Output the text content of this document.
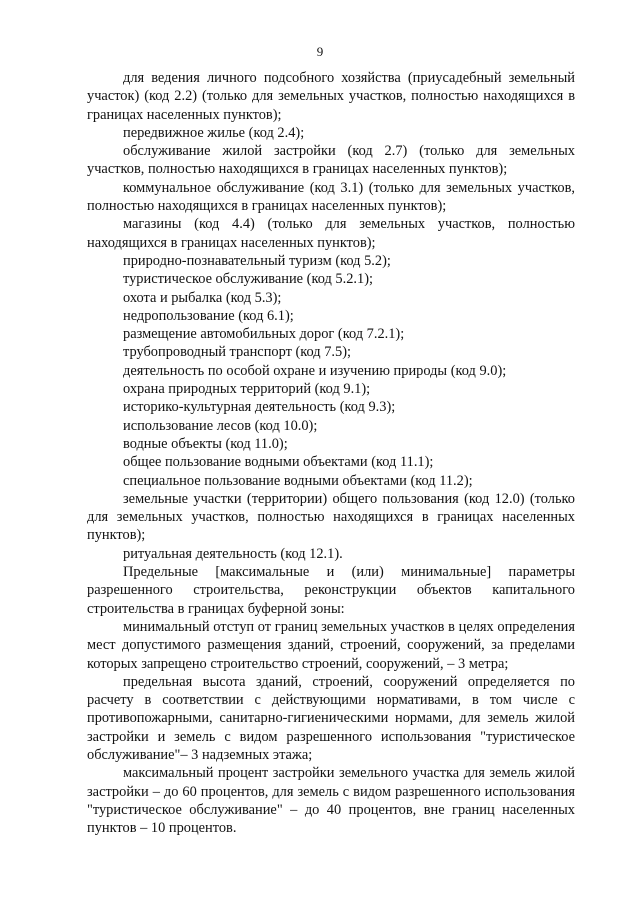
9

для ведения личного подсобного хозяйства (приусадебный земельный участок) (код 2.2) (только для земельных участков, полностью находящихся в границах населенных пунктов);

передвижное жилье (код 2.4);

обслуживание жилой застройки (код 2.7) (только для земельных участков, полностью находящихся в границах населенных пунктов);

коммунальное обслуживание (код 3.1) (только для земельных участков, полностью находящихся в границах населенных пунктов);

магазины (код 4.4) (только для земельных участков, полностью находящихся в границах населенных пунктов);

природно-познавательный туризм (код 5.2);

туристическое обслуживание (код 5.2.1);

охота и рыбалка (код 5.3);

недропользование (код 6.1);

размещение автомобильных дорог (код 7.2.1);

трубопроводный транспорт (код 7.5);

деятельность по особой охране и изучению природы (код 9.0);

охрана природных территорий (код 9.1);

историко-культурная деятельность (код 9.3);

использование лесов (код 10.0);

водные объекты (код 11.0);

общее пользование водными объектами (код 11.1);

специальное пользование водными объектами (код 11.2);

земельные участки (территории) общего пользования (код 12.0) (только для земельных участков, полностью находящихся в границах населенных пунктов);

ритуальная деятельность (код 12.1).

Предельные [максимальные и (или) минимальные] параметры разрешенного строительства, реконструкции объектов капитального строительства в границах буферной зоны:

минимальный отступ от границ земельных участков в целях определения мест допустимого размещения зданий, строений, сооружений, за пределами которых запрещено строительство строений, сооружений, – 3 метра;

предельная высота зданий, строений, сооружений определяется по расчету в соответствии с действующими нормативами, в том числе с противопожарными, санитарно-гигиеническими нормами, для земель жилой застройки и земель с видом разрешенного использования "туристическое обслуживание"– 3 надземных этажа;

максимальный процент застройки земельного участка для земель жилой застройки – до 60 процентов, для земель с видом разрешенного использования "туристическое обслуживание" – до 40 процентов, вне границ населенных пунктов – 10 процентов.
